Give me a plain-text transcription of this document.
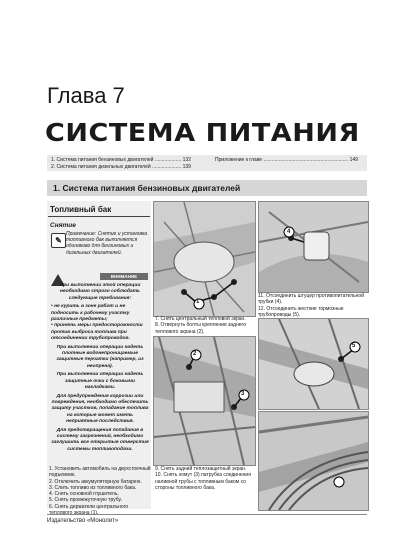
Глава 7
СИСТЕМА ПИТАНИЯ
1. Система питания бензиновых двигателей ................... 132
2. Система питания дизельных двигателей ..................... 139
Приложение к главе ............................................................. 149
1. Система питания бензиновых двигателей
Топливный бак
Снятие
✎
Примечание: Снятие и установка топливного бак выполняется одинаково для бензиновых и дизельных двигателей.
ВНИМАНИЕ
При выполнении этой операции необходимо строго соблюдать следующие требования:
• не курить в зоне работ и не подносить к рабочему участку различные предметы;
• принять меры предосторожности против выброса топлива при отсоединении трубопроводов.
При выполнении операции надеть плотные водонепроницаемые защитные перчатки (например, из неопрена).
При выполнении операции надеть защитные очки с боковыми накладками.
Для предупреждения коррозии или повреждения, необходимо обеспечить защиту участков, попадание топлива на которые может иметь неприятные последствия.
Для предотвращения попадания в систему загрязнений, необходимо заглушить все открытые отверстия системы топливоподачи.
1. Установить автомобиль на двухстоечный подъемник.
2. Отключить аккумуляторную батарею.
3. Слить топливо из топливного бака.
4. Снять основной глушитель.
5. Снять промежуточную трубу.
6. Снять держатели центрального
1
7. Снять центральный тепловой экран.
8. Отвернуть болты крепления заднего теплового экрана (2).
2
3
9. Снять задний теплозащитный экран.
10. Снять хомут (3) патрубка соединения наливной трубы с топливным баком со стороны топливного бака.
4
11. Отсоединить штуцер противопитательной трубки (4).
12. Отсоединить жесткие тормозные трубопроводы (5).
5
Издательство «Монолит»
